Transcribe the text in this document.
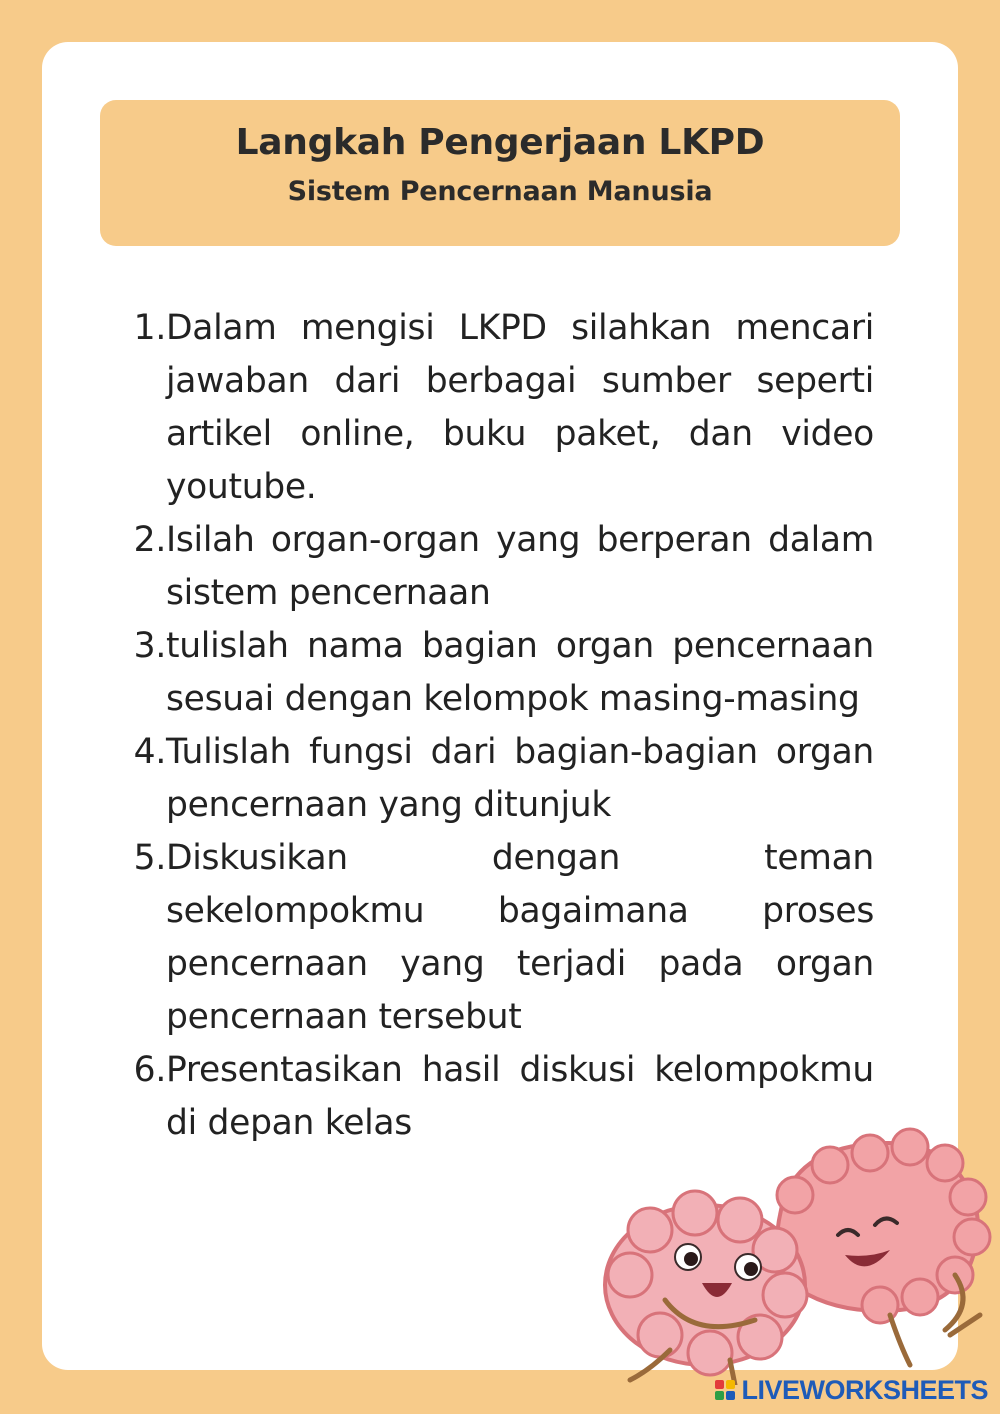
Langkah Pengerjaan LKPD
Sistem Pencernaan Manusia
1. Dalam mengisi LKPD silahkan mencari jawaban dari berbagai sumber seperti artikel online, buku paket, dan video youtube.
2. Isilah organ-organ yang berperan dalam sistem pencernaan
3. tulislah nama bagian organ pencernaan sesuai dengan kelompok masing-masing
4. Tulislah fungsi dari bagian-bagian organ pencernaan yang ditunjuk
5. Diskusikan dengan teman sekelompokmu bagaimana proses pencernaan yang terjadi pada organ pencernaan tersebut
6. Presentasikan hasil diskusi kelompokmu di depan kelas
LIVEWORKSHEETS
